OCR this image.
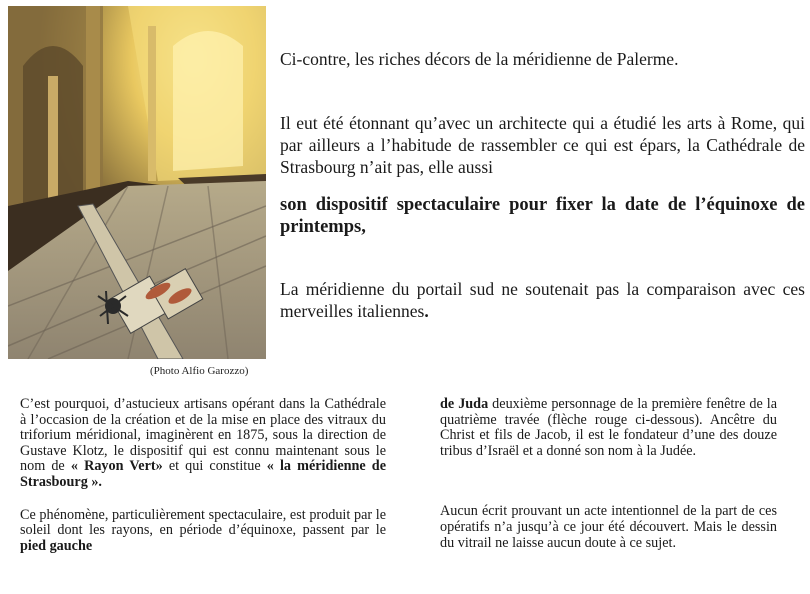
(Photo Alfio Garozzo)
Ci-contre, les riches décors de la méridienne de Palerme.
Il eut été étonnant qu’avec un architecte qui a étudié les arts à Rome, qui par ailleurs a l’habitude de rassembler ce qui est épars, la Cathédrale de Strasbourg n’ait pas, elle aussi
son dispositif spectaculaire pour fixer la date de l’équinoxe de printemps,
La méridienne du portail sud ne soutenait pas la comparaison avec ces merveilles italiennes.

C’est pourquoi, d’astucieux artisans opérant dans la Cathédrale à l’occasion de la création et de la mise en place des vitraux du triforium méridional, imaginèrent en 1875, sous la direction de Gustave Klotz, le dispositif qui est connu maintenant sous le nom de « Rayon Vert» et qui constitue « la méridienne de Strasbourg ».

Ce phénomène, particulièrement spectaculaire, est produit par le soleil dont les rayons, en période d’équinoxe, passent par le pied gauche

de Juda deuxième personnage de la première fenêtre de la quatrième travée (flèche rouge ci-dessous). Ancêtre du Christ et fils de Jacob, il est le fondateur d’une des douze tribus d’Israël et a donné son nom à la Judée.

Aucun écrit prouvant un acte intentionnel de la part de ces opératifs n’a jusqu’à ce jour été découvert. Mais le dessin du vitrail ne laisse aucun doute à ce sujet.
